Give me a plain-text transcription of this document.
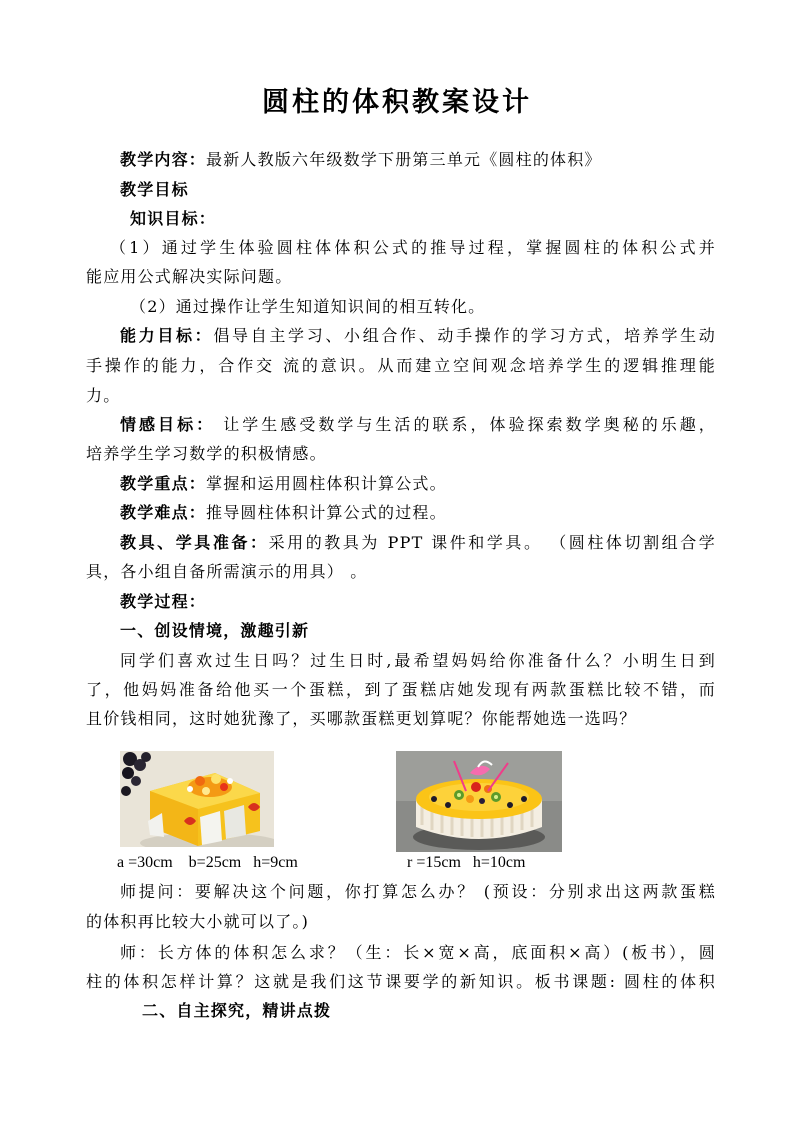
圆柱的体积教案设计
教学内容：最新人教版六年级数学下册第三单元《圆柱的体积》
教学目标
知识目标：
（1）通过学生体验圆柱体体积公式的推导过程，掌握圆柱的体积公式并
能应用公式解决实际问题。
（2）通过操作让学生知道知识间的相互转化。
能力目标：倡导自主学习、小组合作、动手操作的学习方式，培养学生动
手操作的能力，合作交 流的意识。从而建立空间观念培养学生的逻辑推理能
力。
情感目标： 让学生感受数学与生活的联系，体验探索数学奥秘的乐趣，
培养学生学习数学的积极情感。
教学重点：掌握和运用圆柱体积计算公式。
教学难点：推导圆柱体积计算公式的过程。
教具、学具准备：采用的教具为 PPT 课件和学具。 （圆柱体切割组合学
具，各小组自备所需演示的用具） 。
教学过程：
一、创设情境，激趣引新
同学们喜欢过生日吗？过生日时,最希望妈妈给你准备什么？小明生日到
了，他妈妈准备给他买一个蛋糕，到了蛋糕店她发现有两款蛋糕比较不错，而
且价钱相同，这时她犹豫了，买哪款蛋糕更划算呢？你能帮她选一选吗？
a =30cm    b=25cm   h=9cm	r =15cm   h=10cm
师提问：要解决这个问题，你打算怎么办？ (预设：分别求出这两款蛋糕
的体积再比较大小就可以了。)
师：长方体的体积怎么求？（生：长×宽×高，底面积×高）(板书），圆
柱的体积怎样计算？这就是我们这节课要学的新知识。板书课题: 圆柱的体积
二、自主探究，精讲点拨
